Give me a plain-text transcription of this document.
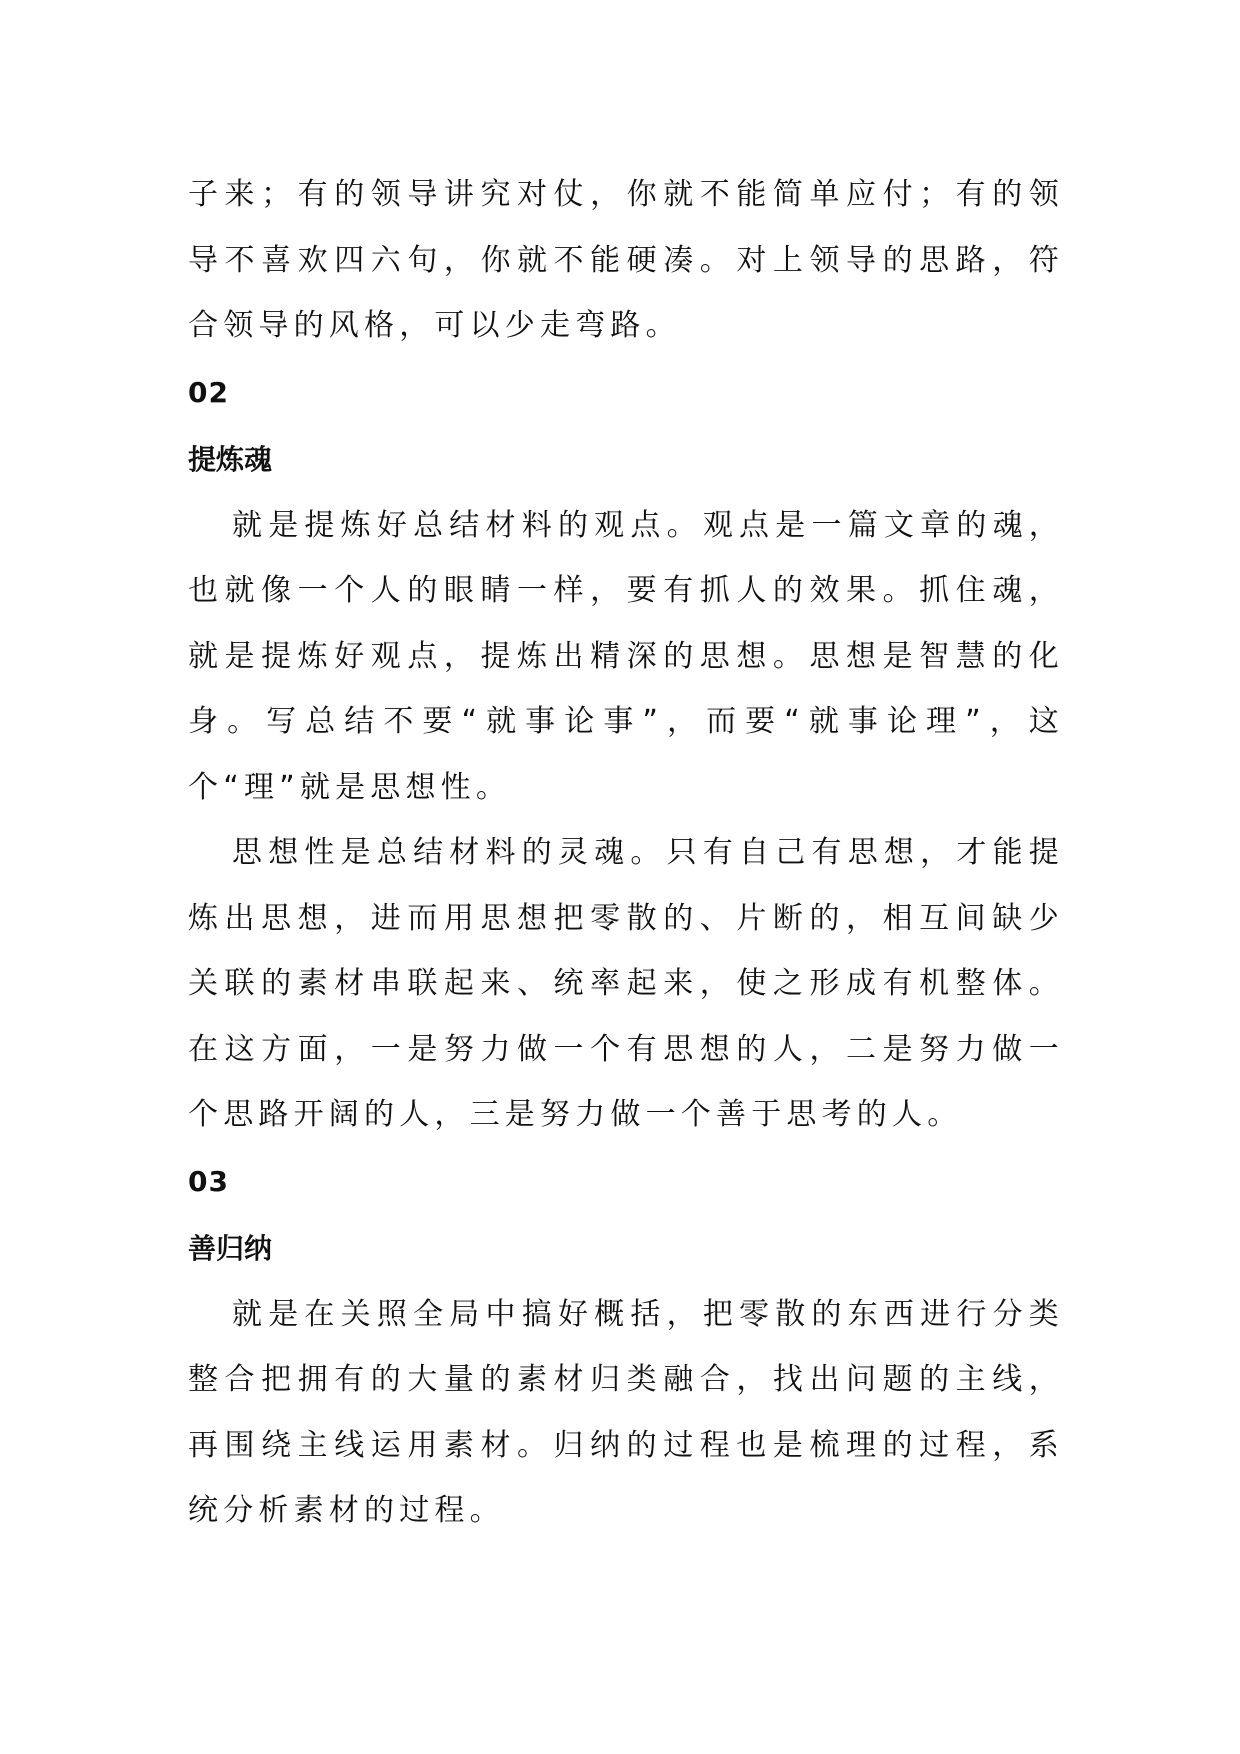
子来；有的领导讲究对仗，你就不能简单应付；有的领导不喜欢四六句，你就不能硬凑。对上领导的思路，符合领导的风格，可以少走弯路。

02
提炼魂

就是提炼好总结材料的观点。观点是一篇文章的魂，也就像一个人的眼睛一样，要有抓人的效果。抓住魂，就是提炼好观点，提炼出精深的思想。思想是智慧的化身。写总结不要“就事论事”，而要“就事论理”，这个“理”就是思想性。

思想性是总结材料的灵魂。只有自己有思想，才能提炼出思想，进而用思想把零散的、片断的，相互间缺少关联的素材串联起来、统率起来，使之形成有机整体。在这方面，一是努力做一个有思想的人，二是努力做一个思路开阔的人，三是努力做一个善于思考的人。

03
善归纳

就是在关照全局中搞好概括，把零散的东西进行分类整合把拥有的大量的素材归类融合，找出问题的主线，再围绕主线运用素材。归纳的过程也是梳理的过程，系统分析素材的过程。
